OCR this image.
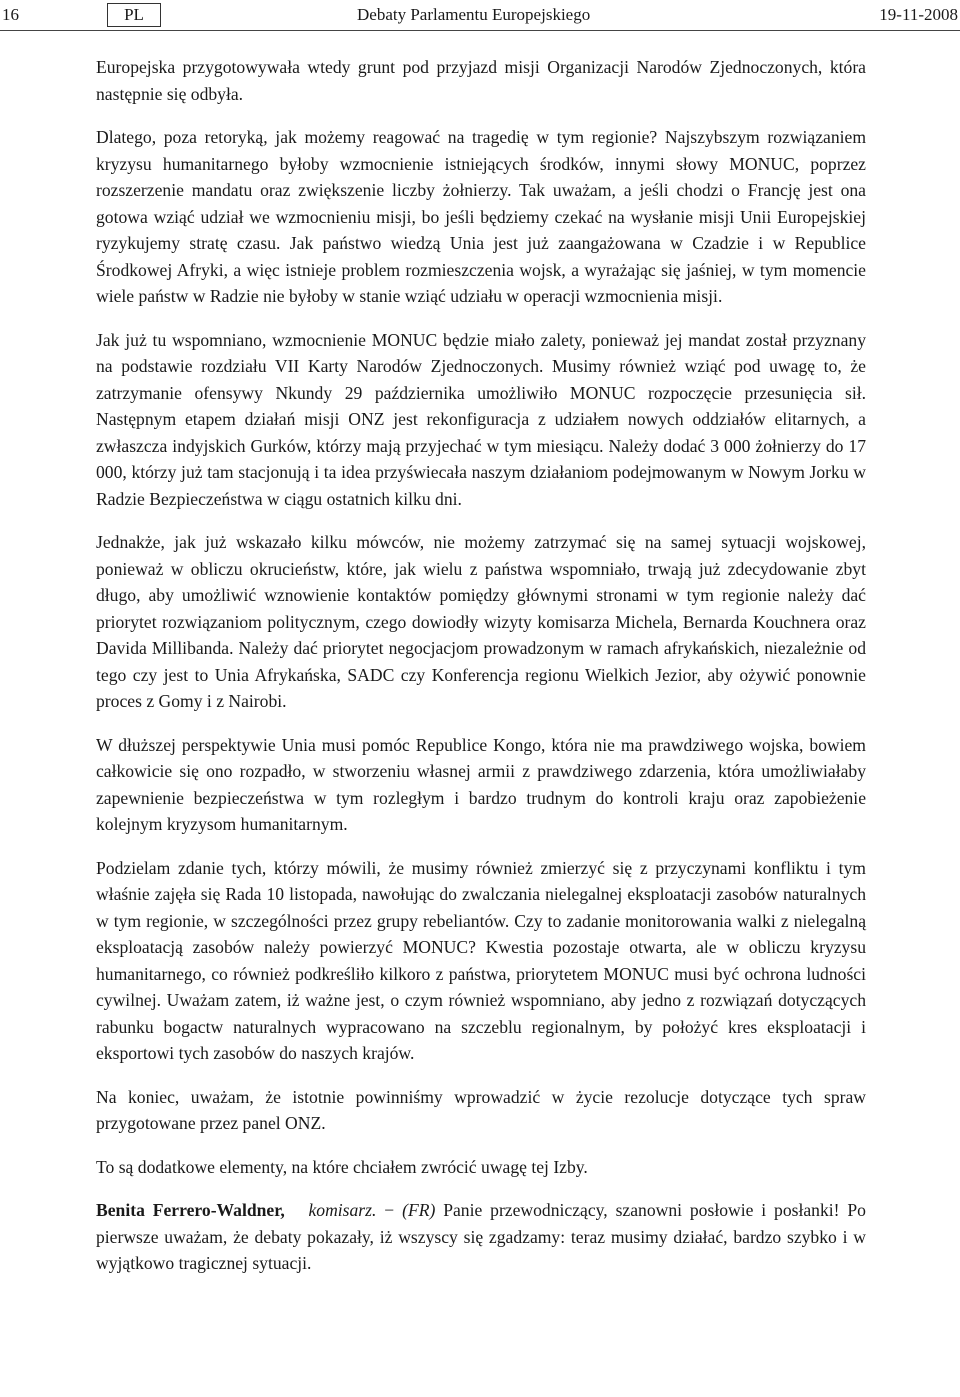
16	PL	Debaty Parlamentu Europejskiego	19-11-2008

Europejska przygotowywała wtedy grunt pod przyjazd misji Organizacji Narodów Zjednoczonych, która następnie się odbyła.

Dlatego, poza retoryką, jak możemy reagować na tragedię w tym regionie? Najszybszym rozwiązaniem kryzysu humanitarnego byłoby wzmocnienie istniejących środków, innymi słowy MONUC, poprzez rozszerzenie mandatu oraz zwiększenie liczby żołnierzy. Tak uważam, a jeśli chodzi o Francję jest ona gotowa wziąć udział we wzmocnieniu misji, bo jeśli będziemy czekać na wysłanie misji Unii Europejskiej ryzykujemy stratę czasu. Jak państwo wiedzą Unia jest już zaangażowana w Czadzie i w Republice Środkowej Afryki, a więc istnieje problem rozmieszczenia wojsk, a wyrażając się jaśniej, w tym momencie wiele państw w Radzie nie byłoby w stanie wziąć udziału w operacji wzmocnienia misji.

Jak już tu wspomniano, wzmocnienie MONUC będzie miało zalety, ponieważ jej mandat został przyznany na podstawie rozdziału VII Karty Narodów Zjednoczonych. Musimy również wziąć pod uwagę to, że zatrzymanie ofensywy Nkundy 29 października umożliwiło MONUC rozpoczęcie przesunięcia sił. Następnym etapem działań misji ONZ jest rekonfiguracja z udziałem nowych oddziałów elitarnych, a zwłaszcza indyjskich Gurków, którzy mają przyjechać w tym miesiącu. Należy dodać 3 000 żołnierzy do 17 000, którzy już tam stacjonują i ta idea przyświecała naszym działaniom podejmowanym w Nowym Jorku w Radzie Bezpieczeństwa w ciągu ostatnich kilku dni.

Jednakże, jak już wskazało kilku mówców, nie możemy zatrzymać się na samej sytuacji wojskowej, ponieważ w obliczu okrucieństw, które, jak wielu z państwa wspomniało, trwają już zdecydowanie zbyt długo, aby umożliwić wznowienie kontaktów pomiędzy głównymi stronami w tym regionie należy dać priorytet rozwiązaniom politycznym, czego dowiodły wizyty komisarza Michela, Bernarda Kouchnera oraz Davida Millibanda. Należy dać priorytet negocjacjom prowadzonym w ramach afrykańskich, niezależnie od tego czy jest to Unia Afrykańska, SADC czy Konferencja regionu Wielkich Jezior, aby ożywić ponownie proces z Gomy i z Nairobi.

W dłuższej perspektywie Unia musi pomóc Republice Kongo, która nie ma prawdziwego wojska, bowiem całkowicie się ono rozpadło, w stworzeniu własnej armii z prawdziwego zdarzenia, która umożliwiałaby zapewnienie bezpieczeństwa w tym rozległym i bardzo trudnym do kontroli kraju oraz zapobieżenie kolejnym kryzysom humanitarnym.

Podzielam zdanie tych, którzy mówili, że musimy również zmierzyć się z przyczynami konfliktu i tym właśnie zajęła się Rada 10 listopada, nawołując do zwalczania nielegalnej eksploatacji zasobów naturalnych w tym regionie, w szczególności przez grupy rebeliantów. Czy to zadanie monitorowania walki z nielegalną eksploatacją zasobów należy powierzyć MONUC? Kwestia pozostaje otwarta, ale w obliczu kryzysu humanitarnego, co również podkreśliło kilkoro z państwa, priorytetem MONUC musi być ochrona ludności cywilnej. Uważam zatem, iż ważne jest, o czym również wspomniano, aby jedno z rozwiązań dotyczących rabunku bogactw naturalnych wypracowano na szczeblu regionalnym, by położyć kres eksploatacji i eksportowi tych zasobów do naszych krajów.

Na koniec, uważam, że istotnie powinniśmy wprowadzić w życie rezolucje dotyczące tych spraw przygotowane przez panel ONZ.

To są dodatkowe elementy, na które chciałem zwrócić uwagę tej Izby.

Benita Ferrero-Waldner, komisarz. − (FR) Panie przewodniczący, szanowni posłowie i posłanki! Po pierwsze uważam, że debaty pokazały, iż wszyscy się zgadzamy: teraz musimy działać, bardzo szybko i w wyjątkowo tragicznej sytuacji.
